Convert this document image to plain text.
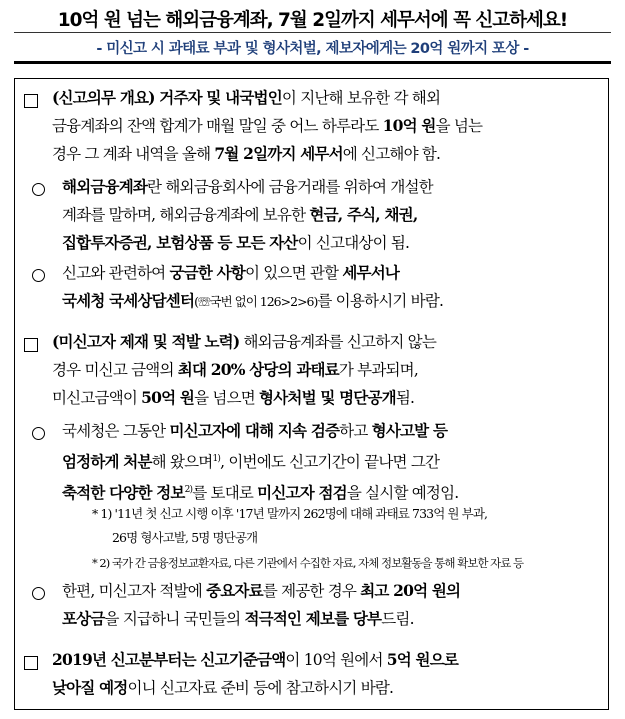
10억 원 넘는 해외금융계좌, 7월 2일까지 세무서에 꼭 신고하세요!
- 미신고 시 과태료 부과 및 형사처벌, 제보자에게는 20억 원까지 포상 -
(신고의무 개요) 거주자 및 내국법인이 지난해 보유한 각 해외
금융계좌의 잔액 합계가 매월 말일 중 어느 하루라도 10억 원을 넘는
경우 그 계좌 내역을 올해 7월 2일까지 세무서에 신고해야 함.
해외금융계좌란 해외금융회사에 금융거래를 위하여 개설한
계좌를 말하며, 해외금융계좌에 보유한 현금, 주식, 채권,
집합투자증권, 보험상품 등 모든 자산이 신고대상이 됨.
신고와 관련하여 궁금한 사항이 있으면 관할 세무서나
국세청 국세상담센터(☏국번 없이 126>2>6)를 이용하시기 바람.
(미신고자 제재 및 적발 노력) 해외금융계좌를 신고하지 않는
경우 미신고 금액의 최대 20% 상당의 과태료가 부과되며,
미신고금액이 50억 원을 넘으면 형사처벌 및 명단공개됨.
국세청은 그동안 미신고자에 대해 지속 검증하고 형사고발 등
엄정하게 처분해 왔으며$^{1)}$, 이번에도 신고기간이 끝나면 그간
축적한 다양한 정보$^{2)}$를 토대로 미신고자 점검을 실시할 예정임.
* 1) '11년 첫 신고 시행 이후 '17년 말까지 262명에 대해 과태료 733억 원 부과,
26명 형사고발, 5명 명단공개
* 2) 국가 간 금융정보교환자료, 다른 기관에서 수집한 자료, 자체 정보활동을 통해 확보한 자료 등
한편, 미신고자 적발에 중요자료를 제공한 경우 최고 20억 원의
포상금을 지급하니 국민들의 적극적인 제보를 당부드림.
2019년 신고분부터는 신고기준금액이 10억 원에서 5억 원으로
낮아질 예정이니 신고자료 준비 등에 참고하시기 바람.
